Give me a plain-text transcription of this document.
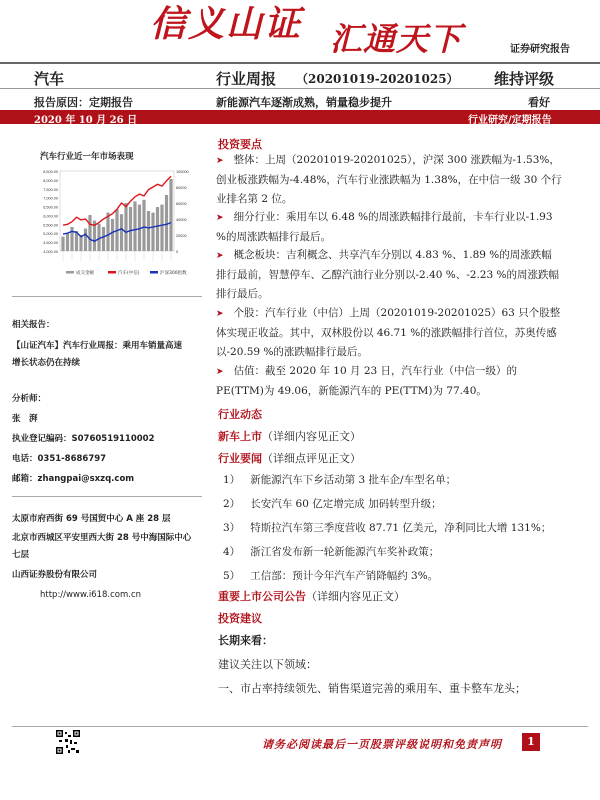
信义山证 汇通天下	证券研究报告
汽车	行业周报 （20201019-20201025） 维持评级
报告原因：定期报告	新能源汽车逐渐成熟，销量稳步提升	看好
2020 年 10 月 26 日	行业研究/定期报告
汽车行业近一年市场表现
8,500.00
8,000.00
7,500.00
7,000.00
6,500.00
6,000.00
5,500.00
5,000.00
4,500.00
4,000.00
100000
80000
60000
40000
20000
0
成交金额	汽车(中信)	沪深300指数
相关报告：
【山证汽车】汽车行业周报：乘用车销量高速增长状态仍在持续
分析师：
张　湃
执业登记编码：S0760519110002
电话：0351-8686797
邮箱：zhangpai@sxzq.com
太原市府西街 69 号国贸中心 A 座 28 层
北京市西城区平安里西大街 28 号中海国际中心七层
山西证券股份有限公司
http://www.i618.com.cn
投资要点
➤ 整体：上周（20201019-20201025），沪深 300 涨跌幅为-1.53%，创业板涨跌幅为-4.48%，汽车行业涨跌幅为 1.38%，在中信一级 30 个行业排名第 2 位。
➤ 细分行业：乘用车以 6.48 %的周涨跌幅排行最前，卡车行业以-1.93 %的周涨跌幅排行最后。
➤ 概念板块：吉利概念、共享汽车分别以 4.83 %、1.89 %的周涨跌幅排行最前，智慧停车、乙醇汽油行业分别以-2.40 %、-2.23 %的周涨跌幅排行最后。
➤ 个股：汽车行业（中信）上周（20201019-20201025）63 只个股整体实现正收益。其中，双林股份以 46.71 %的涨跌幅排行首位，苏奥传感以-20.59 %的涨跌幅排行最后。
➤ 估值：截至 2020 年 10 月 23 日，汽车行业（中信一级）的 PE(TTM)为 49.06，新能源汽车的 PE(TTM)为 77.40。
行业动态
新车上市（详细内容见正文）
行业要闻（详细点评见正文）
1） 新能源汽车下乡活动第 3 批车企/车型名单；
2） 长安汽车 60 亿定增完成 加码转型升级；
3） 特斯拉汽车第三季度营收 87.71 亿美元，净利同比大增 131%；
4） 浙江省发布新一轮新能源汽车奖补政策；
5） 工信部：预计今年汽车产销降幅约 3%。
重要上市公司公告（详细内容见正文）
投资建议
长期来看：
建议关注以下领域：
一、市占率持续领先、销售渠道完善的乘用车、重卡整车龙头；
请务必阅读最后一页股票评级说明和免责声明	1
